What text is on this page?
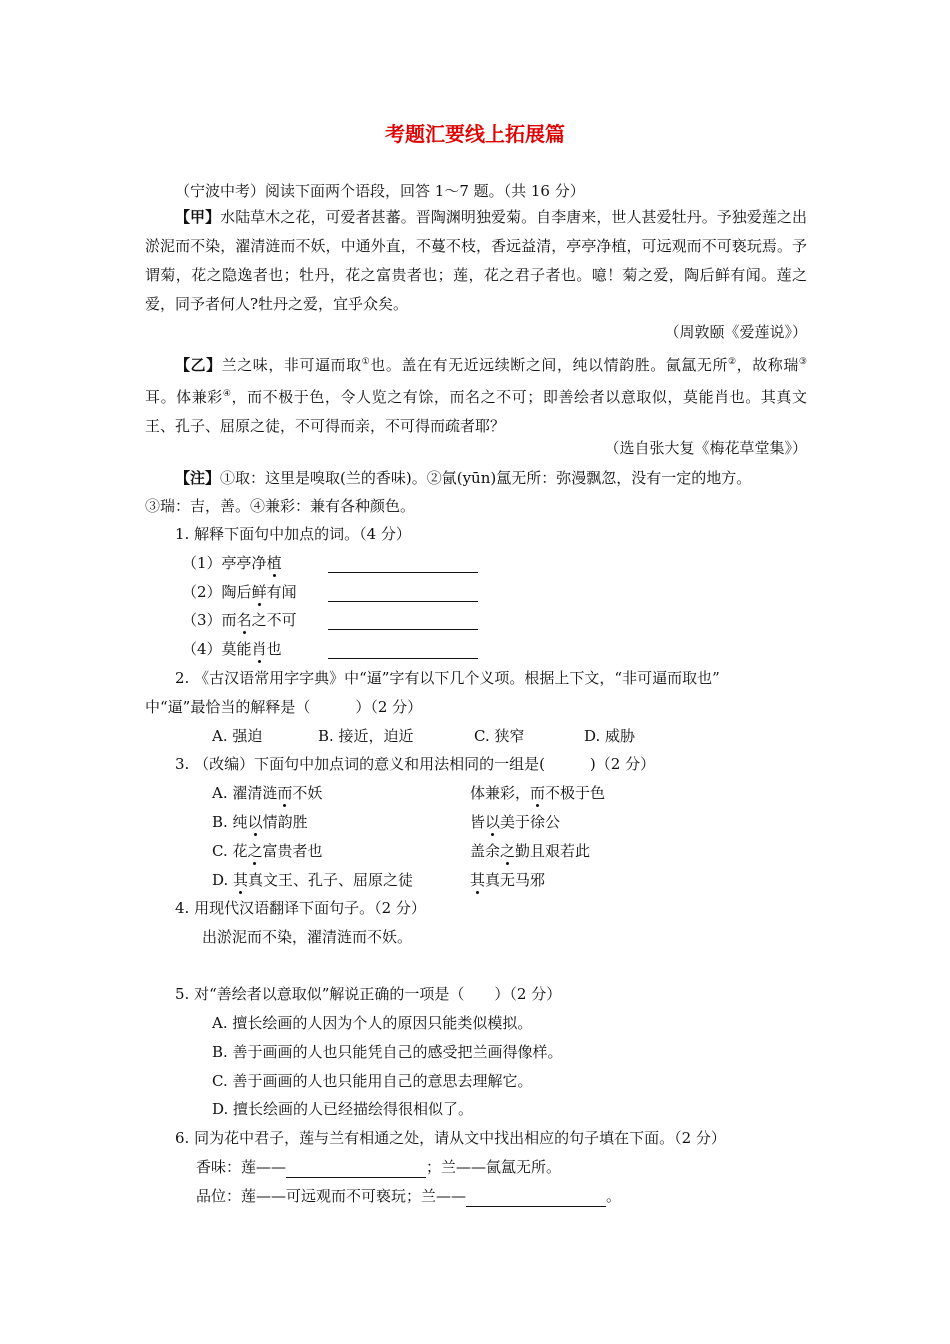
考题汇要线上拓展篇
（宁波中考）阅读下面两个语段，回答 1～7 题。（共 16 分）
【甲】水陆草木之花，可爱者甚蕃。晋陶渊明独爱菊。自李唐来，世人甚爱牡丹。予独爱莲之出淤泥而不染，濯清涟而不妖，中通外直，不蔓不枝，香远益清，亭亭净植，可远观而不可亵玩焉。予谓菊，花之隐逸者也；牡丹，花之富贵者也；莲，花之君子者也。噫！菊之爱，陶后鲜有闻。莲之爱，同予者何人?牡丹之爱，宜乎众矣。
（周敦颐《爱莲说》）
【乙】兰之味，非可逼而取①也。盖在有无近远续断之间，纯以情韵胜。氤氲无所②，故称瑞③耳。体兼彩④，而不极于色，令人览之有馀，而名之不可；即善绘者以意取似，莫能肖也。其真文王、孔子、屈原之徒，不可得而亲，不可得而疏者耶？
（选自张大复《梅花草堂集》）
【注】①取：这里是嗅取(兰的香味)。②氤(yūn)氲无所：弥漫飘忽，没有一定的地方。
③瑞：吉，善。④兼彩：兼有各种颜色。
1. 解释下面句中加点的词。（4 分）
（1）亭亭净植
（2）陶后鲜有闻
（3）而名之不可
（4）莫能肖也
2. 《古汉语常用字字典》中“逼”字有以下几个义项。根据上下文，“非可逼而取也”
中“逼”最恰当的解释是（　　　）（2 分）
A. 强迫	B. 接近，迫近	C. 狭窄	D. 威胁
3. （改编）下面句中加点词的意义和用法相同的一组是(　　　)（2 分）
A. 濯清涟而不妖	体兼彩，而不极于色
B. 纯以情韵胜	皆以美于徐公
C. 花之富贵者也	盖余之勤且艰若此
D. 其真文王、孔子、屈原之徒	其真无马邪
4. 用现代汉语翻译下面句子。（2 分）
出淤泥而不染，濯清涟而不妖。
5. 对“善绘者以意取似”解说正确的一项是（　　）（2 分）
A. 擅长绘画的人因为个人的原因只能类似模拟。
B. 善于画画的人也只能凭自己的感受把兰画得像样。
C. 善于画画的人也只能用自己的意思去理解它。
D. 擅长绘画的人已经描绘得很相似了。
6. 同为花中君子，莲与兰有相通之处，请从文中找出相应的句子填在下面。（2 分）
香味：莲——	；兰——氤氲无所。
品位：莲——可远观而不可亵玩；兰——	。
